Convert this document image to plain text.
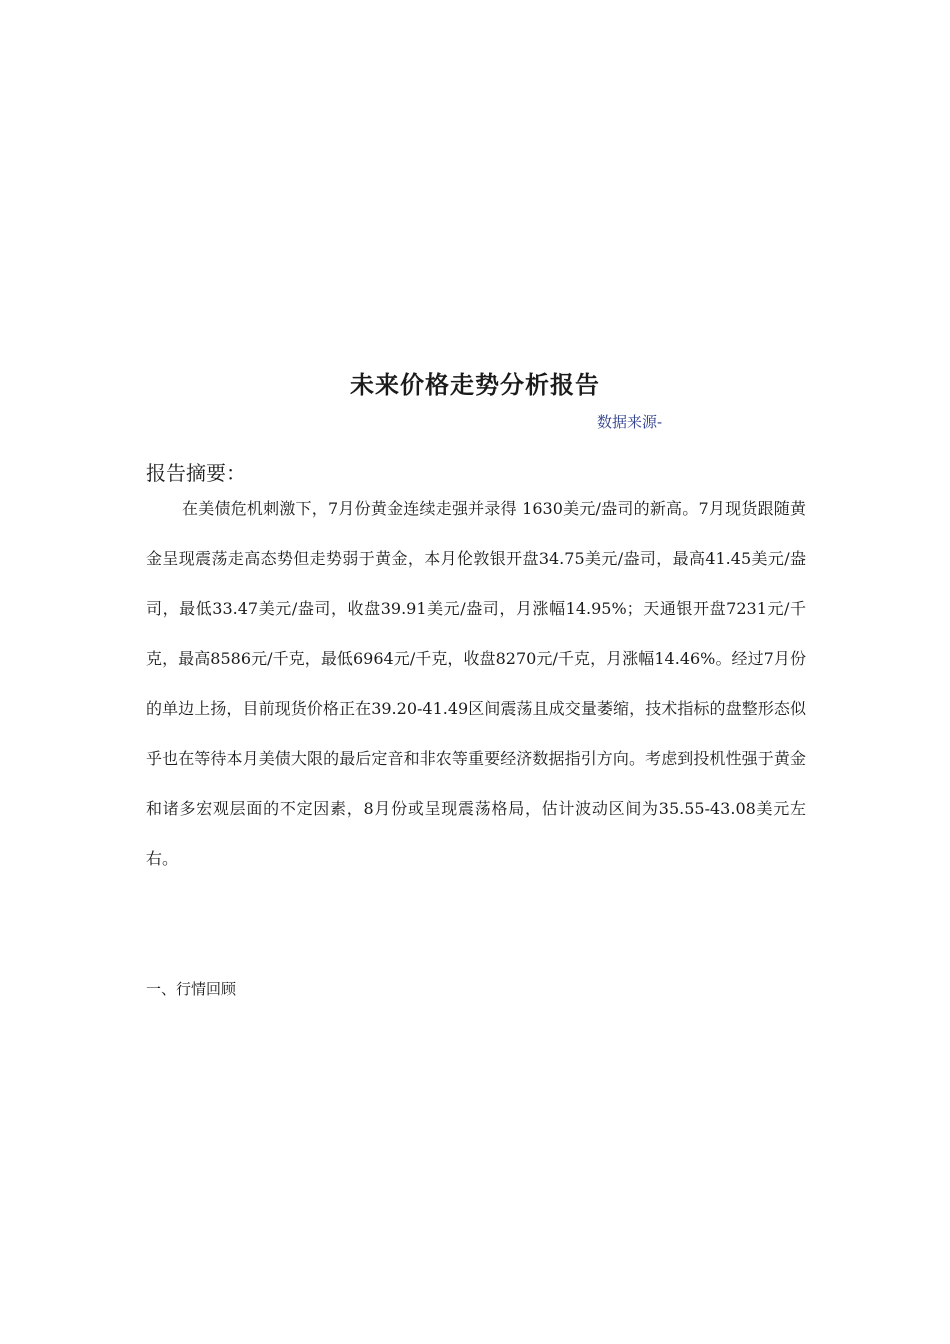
未来价格走势分析报告
数据来源-
报告摘要：

在美债危机刺激下，7月份黄金连续走强并录得 1630美元/盎司的新高。7月现货跟随黄金呈现震荡走高态势但走势弱于黄金，本月伦敦银开盘34.75美元/盎司，最高41.45美元/盎司，最低33.47美元/盎司，收盘39.91美元/盎司，月涨幅14.95%；天通银开盘7231元/千克，最高8586元/千克，最低6964元/千克，收盘8270元/千克，月涨幅14.46%。经过7月份的单边上扬，目前现货价格正在39.20-41.49区间震荡且成交量萎缩，技术指标的盘整形态似乎也在等待本月美债大限的最后定音和非农等重要经济数据指引方向。考虑到投机性强于黄金和诸多宏观层面的不定因素，8月份或呈现震荡格局，估计波动区间为35.55-43.08美元左右。

一、行情回顾
